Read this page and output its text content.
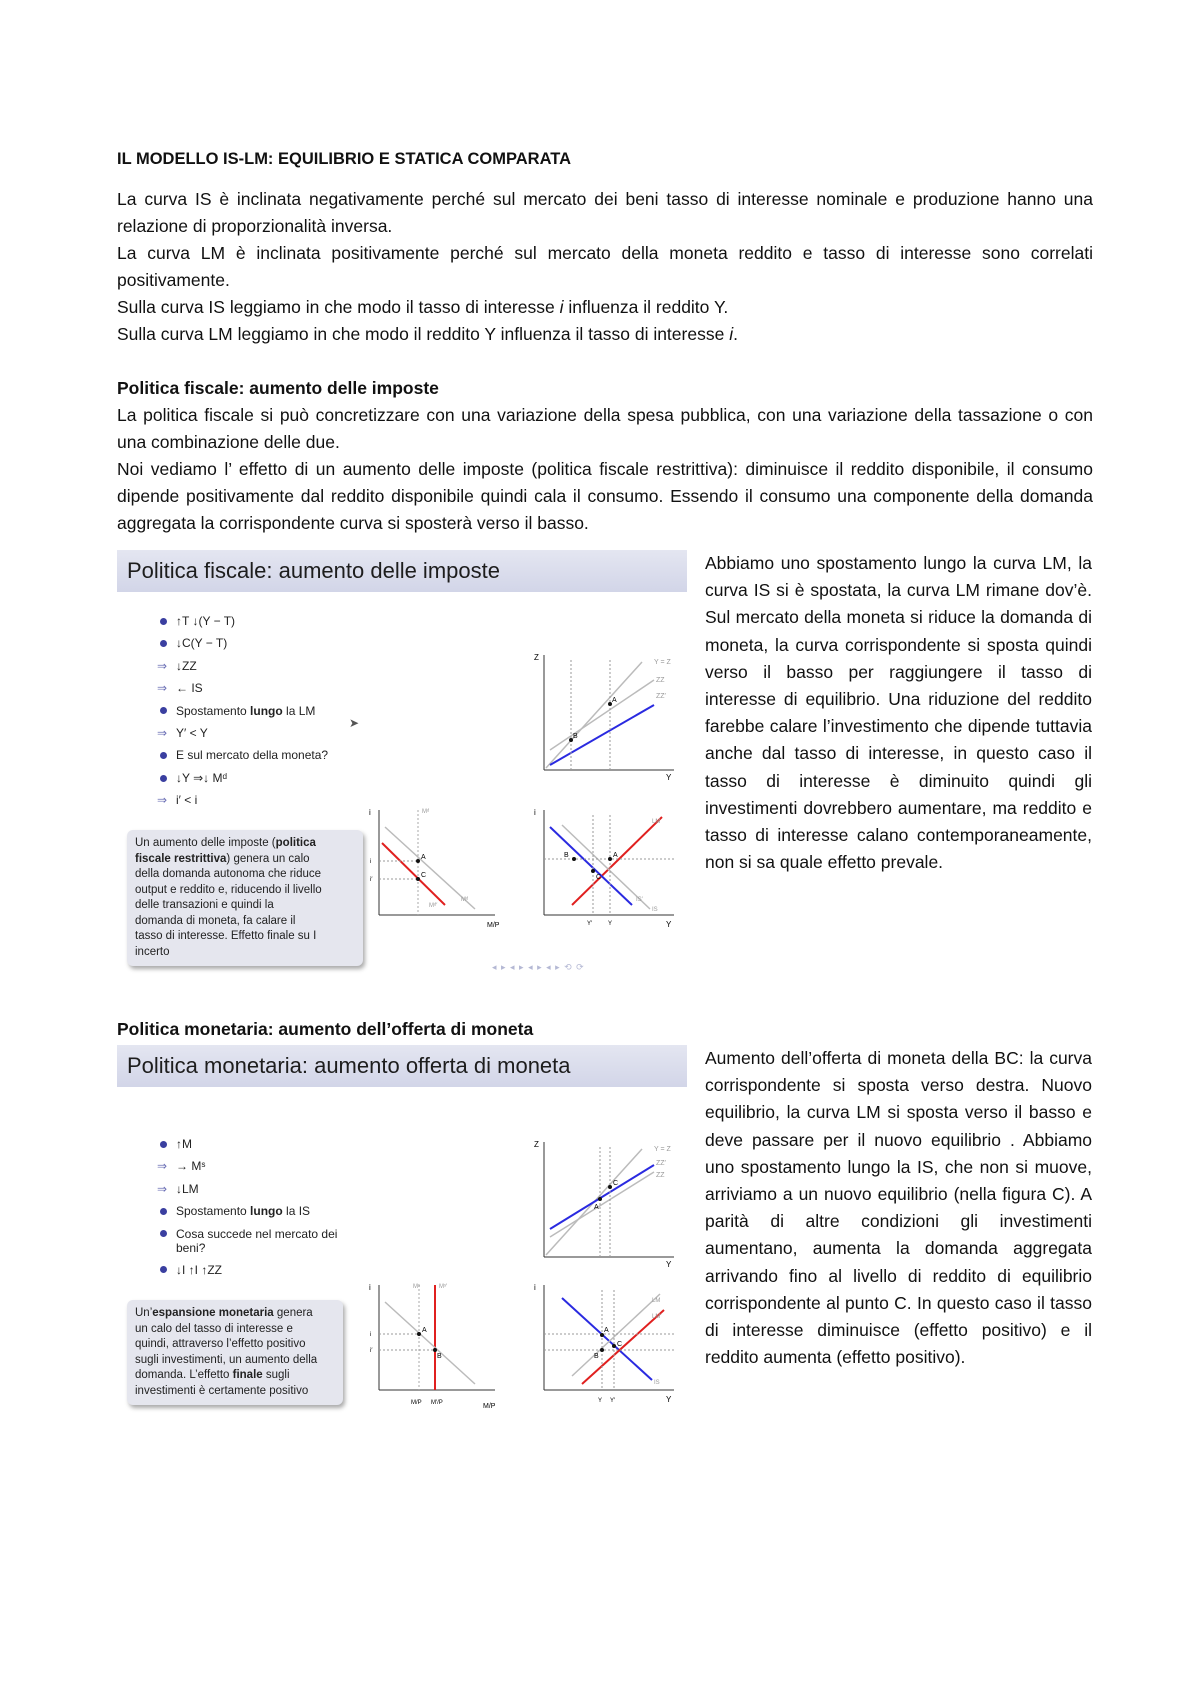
IL MODELLO IS-LM: EQUILIBRIO E STATICA COMPARATA

La curva IS è inclinata negativamente perché sul mercato dei beni tasso di interesse nominale e produzione hanno una relazione di proporzionalità inversa.

La curva LM è inclinata positivamente perché sul mercato della moneta reddito e tasso di interesse sono correlati positivamente.

Sulla curva IS leggiamo in che modo il tasso di interesse i influenza il reddito Y.

Sulla curva LM leggiamo in che modo il reddito Y influenza il tasso di interesse i.

Politica fiscale: aumento delle imposte

La politica fiscale si può concretizzare con una variazione della spesa pubblica, con una variazione della tassazione o con una combinazione delle due.

Noi vediamo l’ effetto di un aumento delle imposte (politica fiscale restrittiva): diminuisce il reddito disponibile, il consumo dipende positivamente dal reddito disponibile quindi cala il consumo. Essendo il consumo una componente della domanda aggregata la corrispondente curva si sposterà verso il basso.

Politica fiscale: aumento delle imposte
↑T ↓(Y − T)
↓C(Y − T)
⇒ ↓ZZ
⇒ ← IS
Spostamento lungo la LM
⇒ Y′ < Y
E sul mercato della moneta?
↓Y ⇒↓ Mᵈ
⇒ i′ < i
➤
Un aumento delle imposte (politica
fiscale restrittiva) genera un calo
della domanda autonoma che riduce
output e reddito e, riducendo il livello
delle transazioni e quindi la
domanda di moneta, fa calare il
tasso di interesse. Effetto finale su I
incerto
Z
Y
Y = Z
ZZ
ZZ′
A
B
i
M/P
Mᵈ
Mᵈ′
Mᵈ
i
i′
A
C
i
Y
LM
IS′
IS
Y′	Y
B	A
C
◂ ▸ ◂ ▸ ◂ ▸ ◂ ▸ ⟲ ⟳

Abbiamo uno spostamento lungo la curva LM, la curva IS si è spostata, la curva LM rimane dov’è. Sul mercato della moneta si riduce la domanda di moneta, la curva corrispondente si sposta quindi verso il basso per raggiungere il tasso di interesse di equilibrio. Una riduzione del reddito farebbe calare l’investimento che dipende tuttavia anche dal tasso di interesse, in questo caso il tasso di interesse è diminuito quindi gli investimenti dovrebbero aumentare, ma reddito e tasso di interesse calano contemporaneamente, non si sa quale effetto prevale.

Politica monetaria: aumento dell’offerta di moneta

Politica monetaria: aumento offerta di moneta
↑M
⇒ → Mˢ
⇒ ↓LM
Spostamento lungo la IS
Cosa succede nel mercato dei
beni?
↓I ↑I ↑ZZ
Un’espansione monetaria genera
un calo del tasso di interesse e
quindi, attraverso l’effetto positivo
sugli investimenti, un aumento della
domanda. L’effetto finale sugli
investimenti è certamente positivo
Z
Y
Y = Z
ZZ′
ZZ
C
A
i
M/P
Mˢ	Mˢ′
i
i′
A
B
M/P M′/P
i
Y
LM
LM′
IS
Y Y′
A
B
C

Aumento dell’offerta di moneta della BC: la curva corrispondente si sposta verso destra. Nuovo equilibrio, la curva LM si sposta verso il basso e deve passare per il nuovo equilibrio . Abbiamo uno spostamento lungo la IS, che non si muove, arriviamo a un nuovo equilibrio (nella figura C). A parità di altre condizioni gli investimenti aumentano, aumenta la domanda aggregata arrivando fino al livello di reddito di equilibrio corrispondente al punto C. In questo caso il tasso di interesse diminuisce (effetto positivo) e il reddito aumenta (effetto positivo).
